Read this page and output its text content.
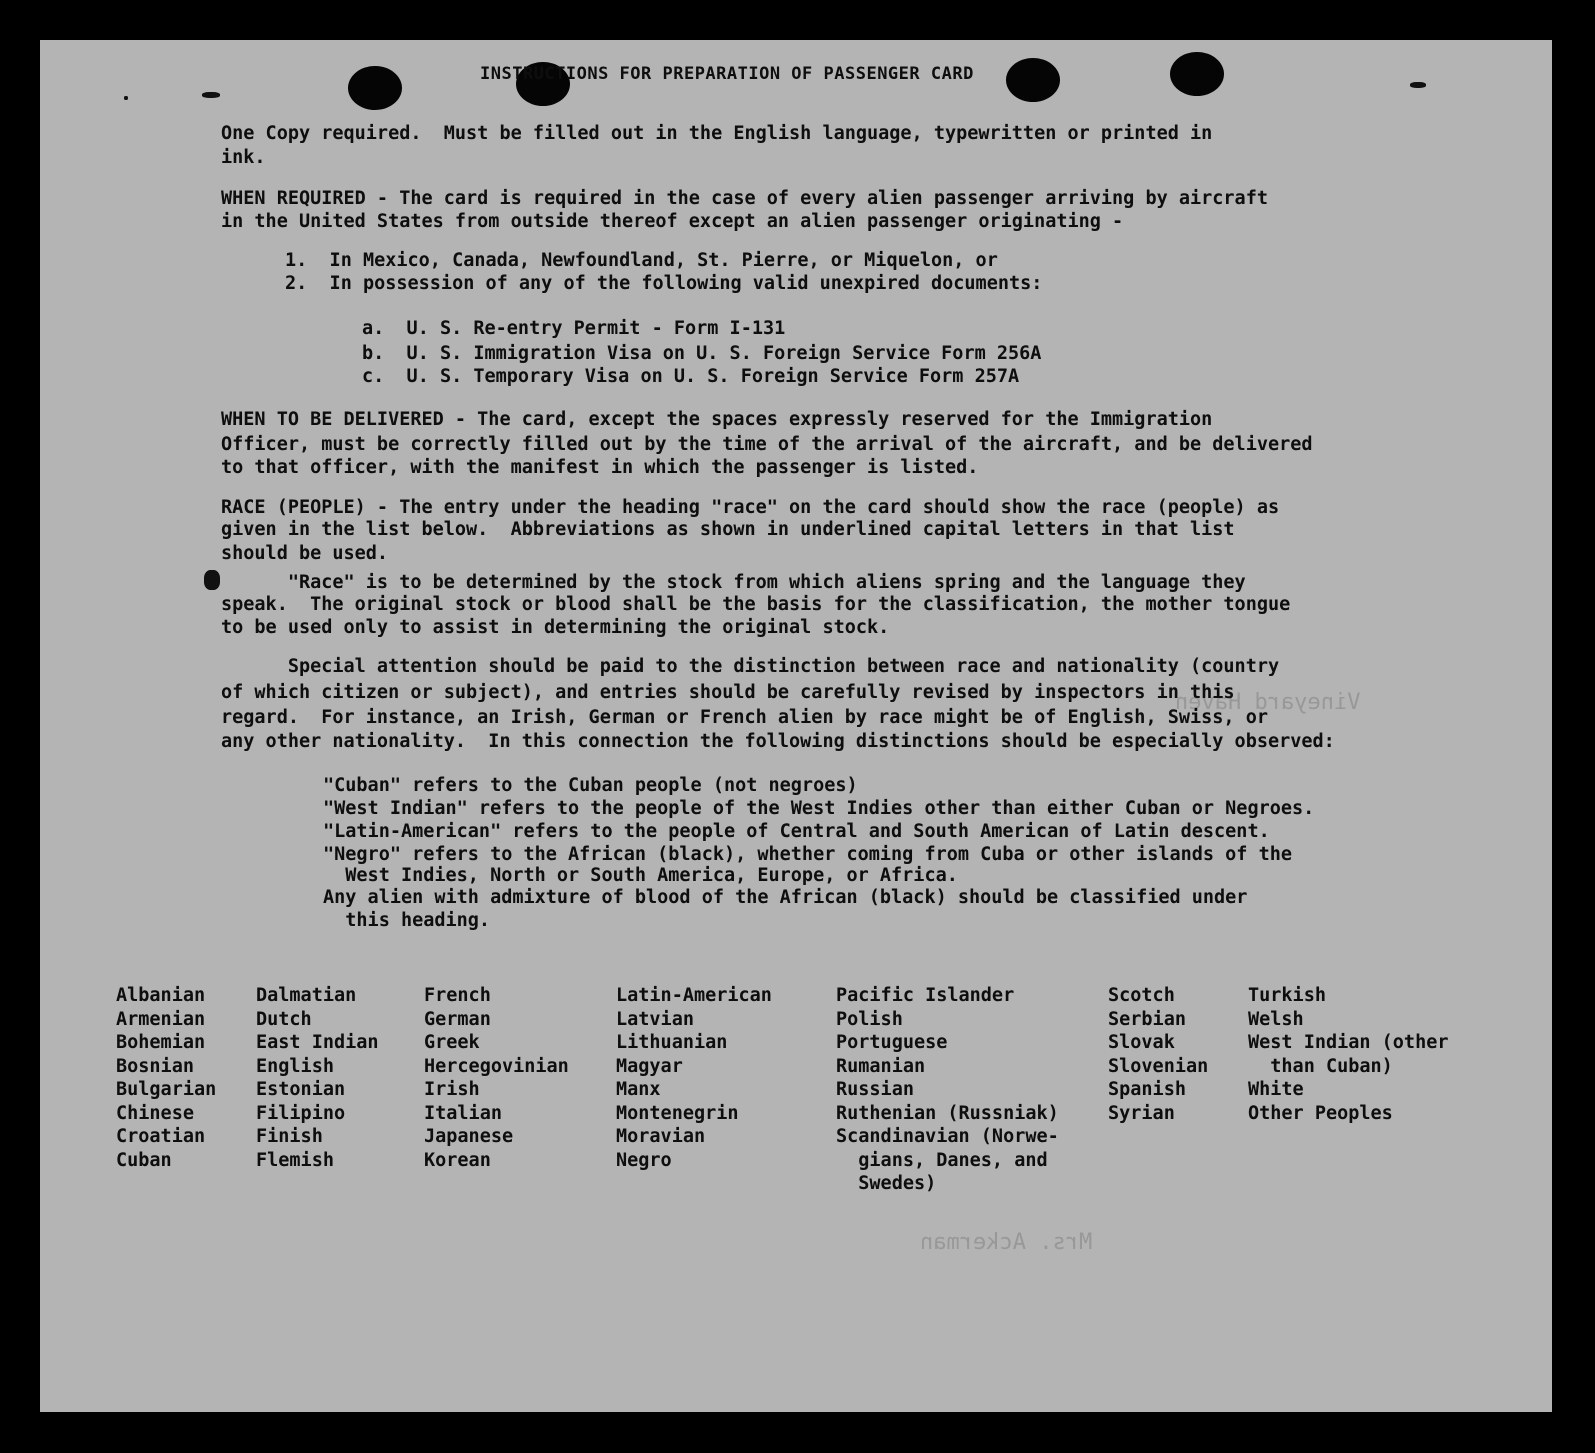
Vineyard Haven
Mrs. Ackerman
INSTRUCTIONS FOR PREPARATION OF PASSENGER CARD
One Copy required.  Must be filled out in the English language, typewritten or printed in
ink.
WHEN REQUIRED - The card is required in the case of every alien passenger arriving by aircraft
in the United States from outside thereof except an alien passenger originating -
1.  In Mexico, Canada, Newfoundland, St. Pierre, or Miquelon, or
2.  In possession of any of the following valid unexpired documents:
a.  U. S. Re-entry Permit - Form I-131
b.  U. S. Immigration Visa on U. S. Foreign Service Form 256A
c.  U. S. Temporary Visa on U. S. Foreign Service Form 257A
WHEN TO BE DELIVERED - The card, except the spaces expressly reserved for the Immigration
Officer, must be correctly filled out by the time of the arrival of the aircraft, and be delivered
to that officer, with the manifest in which the passenger is listed.
RACE (PEOPLE) - The entry under the heading "race" on the card should show the race (people) as
given in the list below.  Abbreviations as shown in underlined capital letters in that list
should be used.
"Race" is to be determined by the stock from which aliens spring and the language they
speak.  The original stock or blood shall be the basis for the classification, the mother tongue
to be used only to assist in determining the original stock.
Special attention should be paid to the distinction between race and nationality (country
of which citizen or subject), and entries should be carefully revised by inspectors in this
regard.  For instance, an Irish, German or French alien by race might be of English, Swiss, or
any other nationality.  In this connection the following distinctions should be especially observed:
"Cuban" refers to the Cuban people (not negroes)
"West Indian" refers to the people of the West Indies other than either Cuban or Negroes.
"Latin-American" refers to the people of Central and South American of Latin descent.
"Negro" refers to the African (black), whether coming from Cuba or other islands of the
West Indies, North or South America, Europe, or Africa.
Any alien with admixture of blood of the African (black) should be classified under
this heading.
Albanian
Armenian
Bohemian
Bosnian
Bulgarian
Chinese
Croatian
Cuban
Dalmatian
Dutch
East Indian
English
Estonian
Filipino
Finish
Flemish
French
German
Greek
Hercegovinian
Irish
Italian
Japanese
Korean
Latin-American
Latvian
Lithuanian
Magyar
Manx
Montenegrin
Moravian
Negro
Pacific Islander
Polish
Portuguese
Rumanian
Russian
Ruthenian (Russniak)
Scandinavian (Norwe-
gians, Danes, and
Swedes)
Scotch
Serbian
Slovak
Slovenian
Spanish
Syrian
Turkish
Welsh
West Indian (other
than Cuban)
White
Other Peoples
